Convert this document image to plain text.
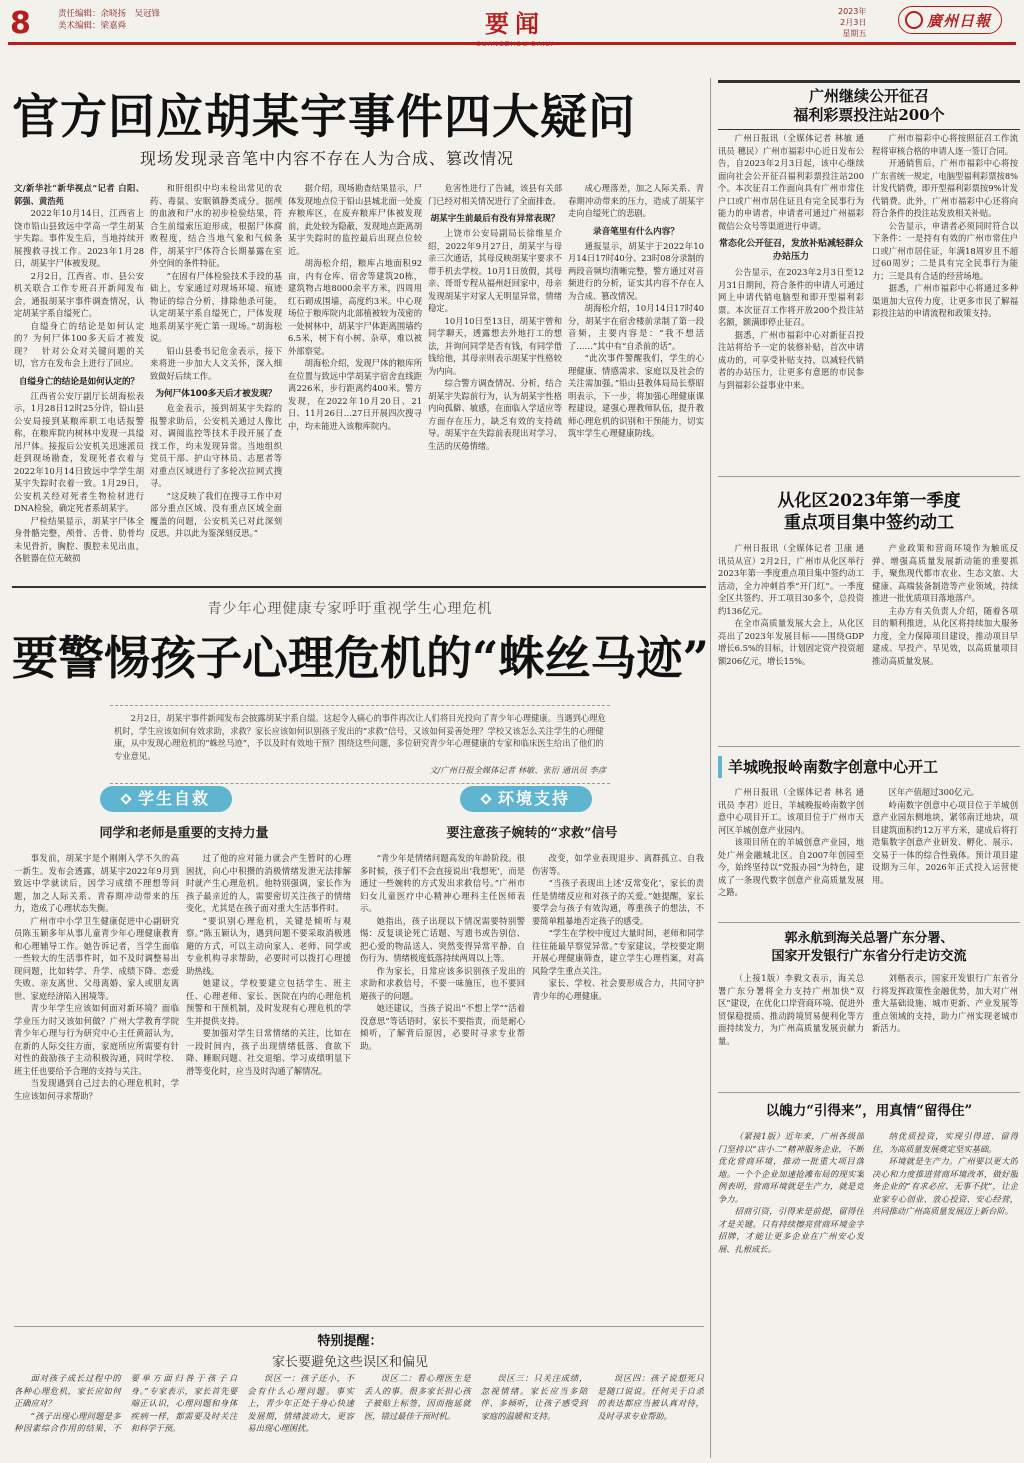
8	责任编辑：余晓扬　吴冠锋
美术编辑：梁嘉舜	要闻	2023年
2月3日
星期五
廣州日報
官方回应胡某宇事件四大疑问
现场发现录音笔中内容不存在人为合成、篡改情况

文/新华社“新华视点”记者 白阳、郭强、黄浩苑

2022年10月14日，江西省上饶市铅山县致远中学高一学生胡某宇失踪。事件发生后，当地持续开展搜救寻找工作。2023年1月28日，胡某宇尸体被发现。

2月2日，江西省、市、县公安机关联合工作专班召开新闻发布会，通报胡某宇事件调查情况，认定胡某宇系自缢死亡。

自缢身亡的结论是如何认定的？为何尸体100多天后才被发现？　针对公众对关键问题的关切，官方在发布会上进行了回应。

自缢身亡的结论是如何认定的？

江西省公安厅副厅长胡海松表示，1月28日12时25分许，铅山县公安局接到某粮库职工电话报警称，在粮库院内树林中发现一具缢吊尸体。接报后公安机关迅速派员赶到现场勘查，发现死者衣着与2022年10月14日致远中学学生胡某宇失踪时衣着一致。1月29日，公安机关经对死者生物检材进行DNA检验，确定死者系胡某宇。

尸检结果显示，胡某宇尸体全身骨骼完整，颅骨、舌骨、肋骨均未见骨折，胸腔、腹腔未见出血，各脏器在位无破损

和肝组织中均未检出常见的农药、毒鼠、安眠镇静类成分。据颅的血液和尸水的初步检验结果，符合生前缢索压迫形成，根据尸体腐败程度，结合当地气象和气候条件，胡某宇尸体符合长期暴露在室外空间的条件特征。

“在固有尸体检验技术手段的基础上，专家通过对现场环境、痕迹物证的综合分析，排除他杀可能，认定胡某宇系自缢死亡，尸体发现地系胡某宇死亡第一现场。”胡海松说。

铅山县委书记危金表示，接下来将进一步加大人文关怀，深入细致做好后续工作。

为何尸体100多天后才被发现？

危金表示，接到胡某宇失踪的报警求助后，公安机关通过人像比对、调阅监控等技术手段开展了查找工作，均未发现异常。当地组织党员干部、护山守林员、志愿者等对重点区域进行了多轮次拉网式搜寻。

“这反映了我们在搜寻工作中对部分重点区域、没有重点区域全面覆盖的问题，公安机关已对此深刻反思，并以此为鉴深刻反思。”

据介绍，现场勘查结果显示，尸体发现地点位于铅山县城北面一处废弃粮库区，在废弃粮库尸体被发现前，此处较为隐蔽，发现地点距离胡某宇失踪时的监控最后出现点位较近。

胡海松介绍，粮库占地面积92亩，内有仓库、宿舍等建筑20栋，建筑物占地8000余平方米，四周用红石砌成围墙，高度约3米。中心现场位于粮库院内北部植被较为茂密的一处树林中，胡某宇尸体距离围墙约6.5米，树下有小树、杂草，难以被外部察觉。

胡海松介绍，发现尸体的粮库所在位置与致远中学胡某宇宿舍直线距离226米，步行距离约400米。警方发现，在2022年10月20日、21日、11月26日…27日开展四次搜寻中，均未能进入该粮库院内。

危害性进行了告诫，该县有关部门已经对相关情况进行了全面排查。

胡某宇生前最后有没有异常表现？

上饶市公安局副局长徐维星介绍，2022年9月27日，胡某宇与母亲三次通话，其母反映胡某宇要求不带手机去学校。10月1日放假，其母亲、哥哥专程从福州赶回家中，母亲发现胡某宇对家人无明显异常，情绪稳定。

10月10日至13日，胡某宇曾和同学聊天，透露想去外地打工的想法，并询问同学是否有钱，有同学借钱给他，其母亲则表示胡某宇性格较为内向。

综合警方调查情况、分析，结合胡某宇失踪前行为，认为胡某宇性格内向孤僻、敏感，在面临入学适应等方面存在压力，缺乏有效的支持疏导。胡某宇在失踪前表现出对学习、生活的厌倦情绪。

成心理落差，加之人际关系、青春期冲动带来的压力，造成了胡某宇走向自缢死亡的悲剧。

录音笔里有什么内容？

通报显示，胡某宇于2022年10月14日17时40分、23时08分录制的两段音频均清晰完整，警方通过对音频进行的分析，证实其内容不存在人为合成、篡改情况。

胡海松介绍，10月14日17时40分，胡某宇在宿舍楼前录制了第一段音频，主要内容是：“我不想活了……”其中有“自杀前的话”。

“此次事件警醒我们，学生的心理健康、情感需求、家庭以及社会的关注需加强。”铅山县教体局局长蔡昭明表示，下一步，将加强心理健康课程建设，建强心理教师队伍，提升教师心理危机的识别和干预能力，切实筑牢学生心理健康防线。

青少年心理健康专家呼吁重视学生心理危机
要警惕孩子心理危机的“蛛丝马迹”
2月2日，胡某宇事件新闻发布会披露胡某宇系自缢。这起令人痛心的事件再次让人们将目光投向了青少年心理健康。当遇到心理危机时，学生应该如何有效求助，求救？家长应该如何识别孩子发出的“求救”信号，又该如何妥善处理？学校又该怎么关注学生的心理健康，从中发现心理危机的“蛛丝马迹”，予以及时有效地干预？围绕这些问题，多位研究青少年心理健康的专家和临床医生给出了他们的专业意见。
文/广州日报全媒体记者 林敏、张衍 通讯员 李彦
学生自救	环境支持
同学和老师是重要的支持力量	要注意孩子婉转的“求救”信号

事发前，胡某宇是个刚刚入学不久的高一新生。发布会透露，胡某宇2022年9月到致远中学就读后，因学习成绩不理想等问题，加之人际关系、青春期冲动带来的压力，造成了心理状态失衡。

广州市中小学卫生健康促进中心副研究员陈玉颖多年从事儿童青少年心理健康教育和心理辅导工作。她告诉记者，当学生面临一些较大的生活事件时，如不及时调整易出现问题，比如转学、升学、成绩下降、恋爱失败、亲友离世、父母离婚、家人或朋友离世、家庭经济陷入困境等。

青少年学生应该如何面对新环境？面临学业压力时又该如何做？广州大学教育学院青少年心理与行为研究中心主任黄韶认为，在新的人际交往方面，家庭所应所需要有针对性的鼓励孩子主动积极沟通，同时学校、班主任也要给予合理的支持与关注。

当发现遇到自己过去的心理危机时，学生应该如何寻求帮助？

过了他的应对能力就会产生暂时的心理困扰，向心中积攒的消极情绪发泄无法排解时就产生心理危机。他特别强调，家长作为孩子最亲近的人，需要密切关注孩子的情绪变化，尤其是在孩子面对重大生活事件时。

“要识别心理危机，关键是倾听与观察。”陈玉颖认为，遇到问题不要采取消极逃避的方式，可以主动向家人、老师、同学或专业机构寻求帮助，必要时可以拨打心理援助热线。

她建议，学校要建立包括学生、班主任、心理老师、家长、医院在内的心理危机预警和干预机制，及时发现有心理危机的学生并提供支持。

要加强对学生日常情绪的关注，比如在一段时间内，孩子出现情绪低落、食欲下降、睡眠问题、社交退缩、学习成绩明显下滑等变化时，应当及时沟通了解情况。

“青少年是情绪问题高发的年龄阶段。很多时候，孩子们不会直接说出‘我想死’，而是通过一些婉转的方式发出求救信号。”广州市妇女儿童医疗中心精神心理科主任医师表示。

她指出，孩子出现以下情况需要特别警惕：反复谈论死亡话题、写遗书或告别信、把心爱的物品送人、突然变得异常平静、自伤行为、情绪极度低落持续两周以上等。

作为家长，日常应该多识别孩子发出的求助和求救信号，不要一味施压，也不要回避孩子的问题。

她还建议，当孩子说出“不想上学”“活着没意思”等话语时，家长不要指责，而是耐心倾听，了解背后原因，必要时寻求专业帮助。

改变，如学业表现退步、离群孤立、自我伤害等。

“当孩子表现出上述‘反常变化’，家长的责任是情绪反应和对孩子的关爱。”她提醒，家长要学会与孩子有效沟通，尊重孩子的想法，不要简单粗暴地否定孩子的感受。

“学生在学校中度过大量时间，老师和同学往往能最早察觉异常。”专家建议，学校要定期开展心理健康筛查，建立学生心理档案，对高风险学生重点关注。

家长、学校、社会要形成合力，共同守护青少年的心理健康。

特别提醒：
家长要避免这些误区和偏见

面对孩子成长过程中的各种心理危机，家长应如何正确应对？

“孩子出现心理问题是多种因素综合作用的结果，不要单方面归咎于孩子自身。”专家表示，家长首先要端正认识，心理问题和身体疾病一样，都需要及时关注和科学干预。

误区一：孩子还小，不会有什么心理问题。事实上，青少年正处于身心快速发展期，情绪波动大，更容易出现心理困扰。

误区二：看心理医生是丢人的事。很多家长担心孩子被贴上标签，因而拖延就医，错过最佳干预时机。

误区三：只关注成绩，忽视情绪。家长应当多陪伴、多倾听，让孩子感受到家庭的温暖和支持。

误区四：孩子说想死只是随口说说。任何关于自杀的表达都应当被认真对待，及时寻求专业帮助。

广州继续公开征召
福利彩票投注站200个

广州日报讯（全媒体记者 林敏 通讯员 穗民）广州市福彩中心近日发布公告，自2023年2月3日起，该中心继续面向社会公开征召福利彩票投注站200个。本次征召工作面向具有广州市常住户口或广州市居住证且有完全民事行为能力的申请者，申请者可通过广州福彩微信公众号等渠道进行申请。

常态化公开征召，发放补贴减轻群众办站压力

公告显示，在2023年2月3日至12月31日期间，符合条件的申请人可通过网上申请代销电脑型和即开型福利彩票。本次征召工作将开放200个投注站名额，额满即停止征召。

据悉，广州市福彩中心对新征召投注站将给予一定的装修补贴，首次申请成功的，可享受补贴支持，以减轻代销者的办站压力，让更多有意愿的市民参与到福彩公益事业中来。

广州市福彩中心将按照征召工作流程将审核合格的申请人逐一签订合同。

开通销售后，广州市福彩中心将按广东省统一规定，电脑型福利彩票按8%计发代销费，即开型福利彩票按9%计发代销费。此外，广州市福彩中心还将向符合条件的投注站发放相关补贴。

公告显示，申请者必须同时符合以下条件：一是持有有效的广州市常住户口或广州市居住证，年满18周岁且不超过60周岁；二是具有完全民事行为能力；三是具有合适的经营场地。

据悉，广州市福彩中心将通过多种渠道加大宣传力度，让更多市民了解福彩投注站的申请流程和政策支持。

从化区2023年第一季度
重点项目集中签约动工

广州日报讯（全媒体记者 卫康 通讯员从宣）2月2日，广州市从化区举行2023年第一季度重点项目集中签约动工活动，全力冲刺首季“开门红”。一季度全区共签约、开工项目30多个，总投资约136亿元。

在全市高质量发展大会上，从化区亮出了2023年发展目标——围绕GDP增长6.5%的目标，计划固定资产投资超额206亿元，增长15%。

产业政策和营商环境作为触底反弹、增强高质量发展新动能的重要抓手，聚焦现代都市农业、生态文旅、大健康、高端装备制造等产业领域，持续推进一批优质项目落地落户。

主办方有关负责人介绍，随着各项目的顺利推进，从化区将持续加大服务力度，全力保障项目建设，推动项目早建成、早投产、早见效，以高质量项目推动高质量发展。

羊城晚报岭南数字创意中心开工

广州日报讯（全媒体记者 林名 通讯员 李君）近日，羊城晚报岭南数字创意中心项目开工。该项目位于广州市天河区羊城创意产业园内。

该项目所在的羊城创意产业园，地处广州金融城北区。自2007年创园至今，始终坚持以“党报办园”为特色，建成了一条现代数字创意产业高质量发展之路。

区年产值超过300亿元。

岭南数字创意中心项目位于羊城创意产业园东侧地块，紧邻南迁地块，项目建筑面积约12万平方米，建成后将打造集数字创意产业研发、孵化、展示、交易于一体的综合性载体。预计项目建设期为三年，2026年正式投入运营使用。

郭永航到海关总署广东分署、
国家开发银行广东省分行走访交流

（上接1版）李毅文表示，海关总署广东分署将全力支持广州加快“双区”建设，在优化口岸营商环境、促进外贸保稳提质、推动跨境贸易便利化等方面持续发力，为广州高质量发展贡献力量。

刘楷表示，国家开发银行广东省分行将发挥政策性金融优势，加大对广州重大基础设施、城市更新、产业发展等重点领域的支持，助力广州实现老城市新活力。

以魄力“引得来”，用真情“留得住”

（紧接1版）近年来，广州各级部门坚持以“店小二”精神服务企业，不断优化营商环境，推动一批重大项目落地。一个个企业加速抢滩布局的现实案例表明，营商环境就是生产力，就是竞争力。

招商引资，引得来是前提，留得住才是关键。只有持续擦亮营商环境金字招牌，才能让更多企业在广州安心发展、扎根成长。

纳优质投资，实现引得进、留得住，为高质量发展奠定坚实基础。

环境就是生产力。广州要以更大的决心和力度推进营商环境改革，做好服务企业的“有求必应、无事不扰”，让企业家专心创业、放心投资、安心经营，共同推动广州高质量发展迈上新台阶。
